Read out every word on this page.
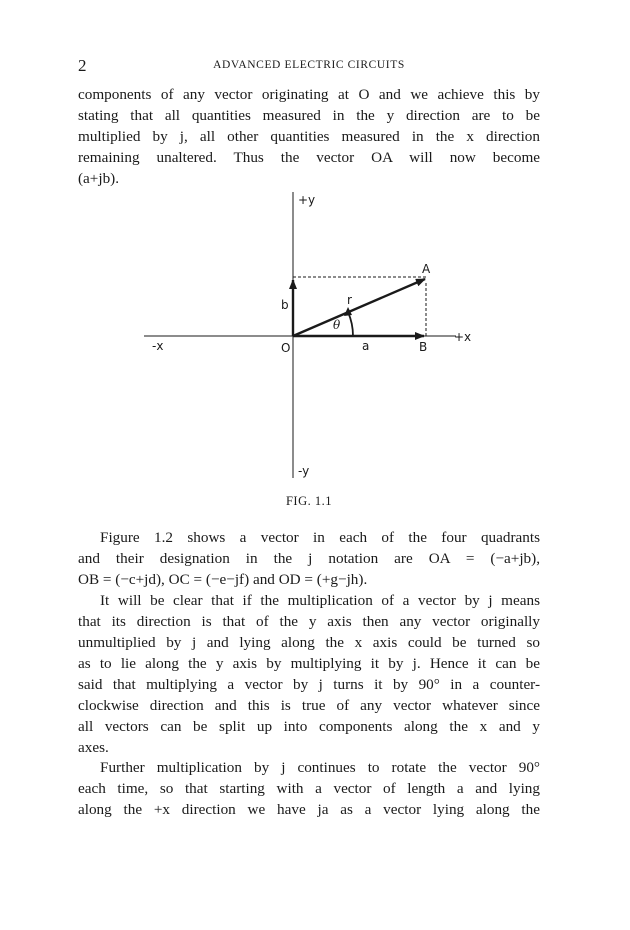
2	ADVANCED ELECTRIC CIRCUITS
components of any vector originating at O and we achieve this by
stating that all quantities measured in the y direction are to be
multiplied by j, all other quantities measured in the x direction
remaining unaltered. Thus the vector OA will now become
(a+jb).
+y
-y
+x
-x	O
A
B
b
a
r
θ
FIG. 1.1
Figure 1.2 shows a vector in each of the four quadrants
and their designation in the j notation are OA = (−a+jb),
OB = (−c+jd), OC = (−e−jf) and OD = (+g−jh).
It will be clear that if the multiplication of a vector by j means
that its direction is that of the y axis then any vector originally
unmultiplied by j and lying along the x axis could be turned so
as to lie along the y axis by multiplying it by j. Hence it can be
said that multiplying a vector by j turns it by 90° in a counter-
clockwise direction and this is true of any vector whatever since
all vectors can be split up into components along the x and y
axes.
Further multiplication by j continues to rotate the vector 90°
each time, so that starting with a vector of length a and lying
along the +x direction we have ja as a vector lying along the
